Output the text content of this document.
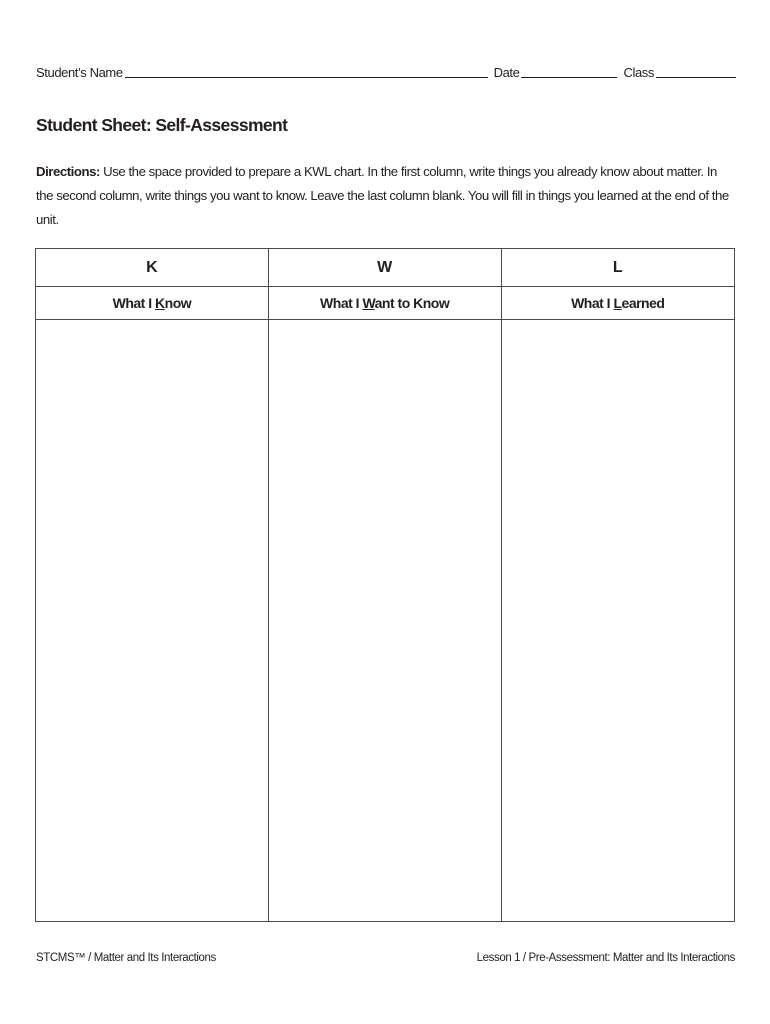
Student’s Name	Date	Class
Student Sheet: Self-Assessment
Directions: Use the space provided to prepare a KWL chart. In the first column, write things you already know about matter. In the second column, write things you want to know. Leave the last column blank. You will fill in things you learned at the end of the unit.
K	W	L
What I Know	What I Want to Know	What I Learned

STCMS™ / Matter and Its Interactions	Lesson 1 / Pre-Assessment: Matter and Its Interactions
